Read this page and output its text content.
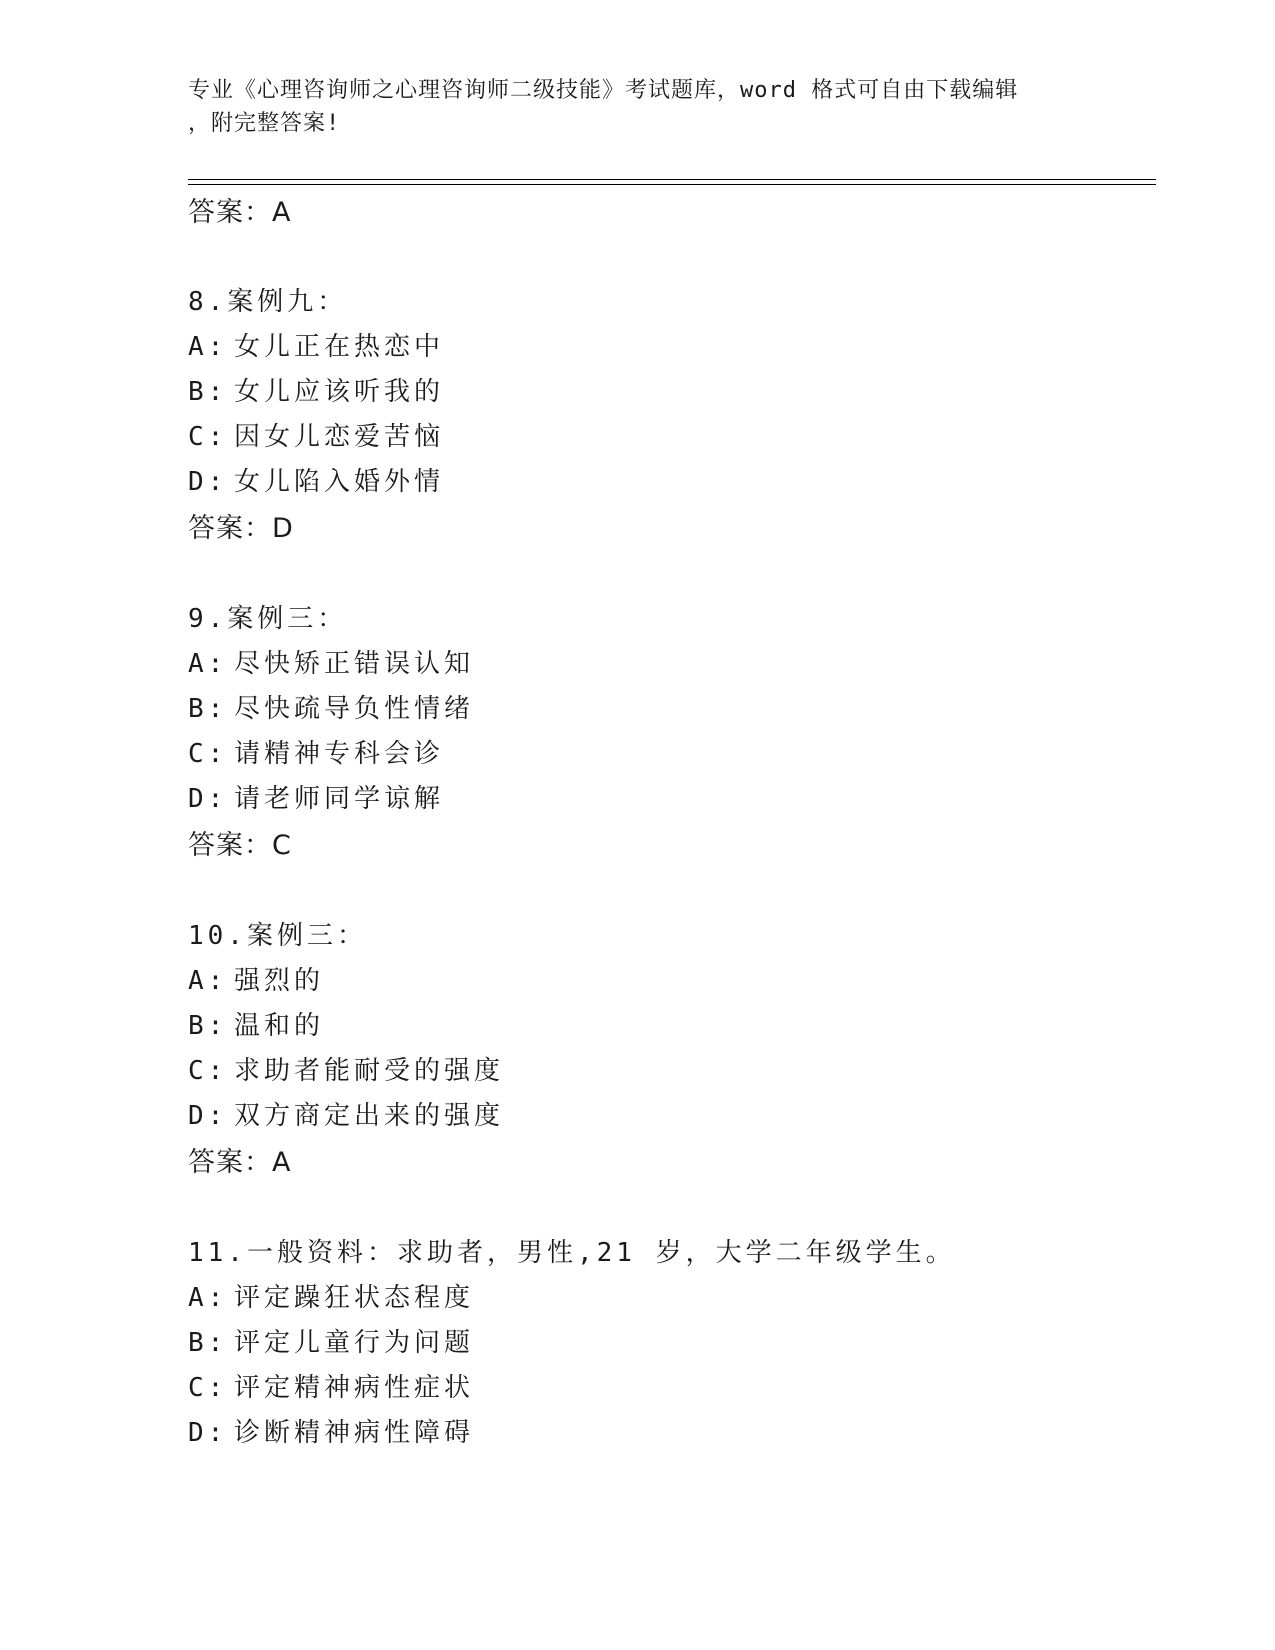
专业《心理咨询师之心理咨询师二级技能》考试题库，word 格式可自由下载编辑
，附完整答案!
答案：A
8.案例九：
A: 女儿正在热恋中
B: 女儿应该听我的
C: 因女儿恋爱苦恼
D: 女儿陷入婚外情
答案：D
9.案例三：
A: 尽快矫正错误认知
B: 尽快疏导负性情绪
C: 请精神专科会诊
D: 请老师同学谅解
答案：C
10.案例三：
A: 强烈的
B: 温和的
C: 求助者能耐受的强度
D: 双方商定出来的强度
答案：A
11.一般资料：求助者，男性,21 岁，大学二年级学生。
A: 评定躁狂状态程度
B: 评定儿童行为问题
C: 评定精神病性症状
D: 诊断精神病性障碍
